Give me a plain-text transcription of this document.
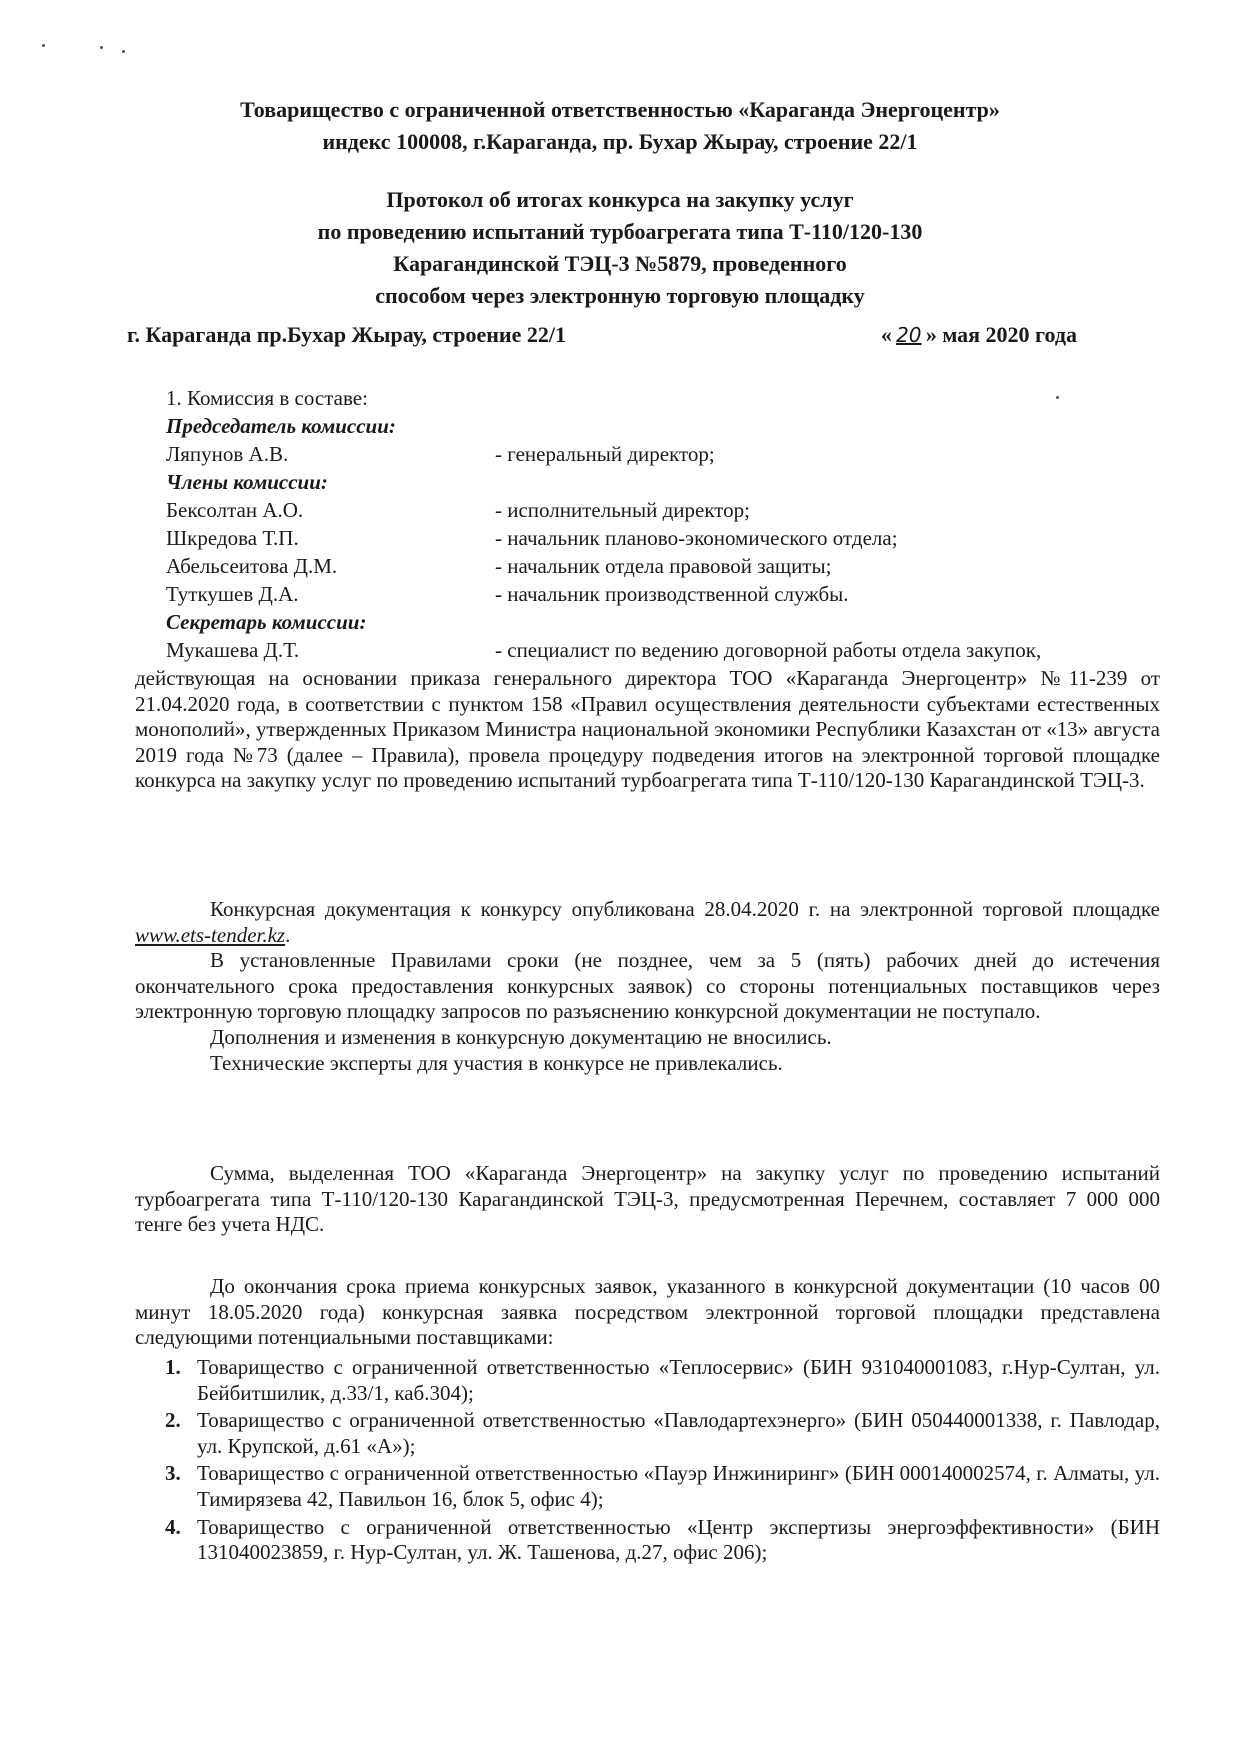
Товарищество с ограниченной ответственностью «Караганда Энергоцентр»
индекс 100008, г.Караганда, пр. Бухар Жырау, строение 22/1
Протокол об итогах конкурса на закупку услуг
по проведению испытаний турбоагрегата типа Т-110/120-130
Карагандинской ТЭЦ-3 №5879, проведенного
способом через электронную торговую площадку
г. Караганда пр.Бухар Жырау, строение 22/1	« 20 » мая 2020 года
1. Комиссия в составе:
Председатель комиссии:
Ляпунов А.В.	- генеральный директор;
Члены комиссии:
Бексолтан А.О.	- исполнительный директор;
Шкредова Т.П.	- начальник планово-экономического отдела;
Абельсеитова Д.М.	- начальник отдела правовой защиты;
Туткушев Д.А.	- начальник производственной службы.
Секретарь комиссии:
Мукашева Д.Т.	- специалист по ведению договорной работы отдела закупок,
действующая на основании приказа генерального директора ТОО «Караганда Энергоцентр» №11-239 от 21.04.2020 года, в соответствии с пунктом 158 «Правил осуществления деятельности субъектами естественных монополий», утвержденных Приказом Министра национальной экономики Республики Казахстан от «13» августа 2019 года №73 (далее – Правила), провела процедуру подведения итогов на электронной торговой площадке конкурса на закупку услуг по проведению испытаний турбоагрегата типа Т-110/120-130 Карагандинской ТЭЦ-3.
Конкурсная документация к конкурсу опубликована 28.04.2020 г. на электронной торговой площадке www.ets-tender.kz.
В установленные Правилами сроки (не позднее, чем за 5 (пять) рабочих дней до истечения окончательного срока предоставления конкурсных заявок) со стороны потенциальных поставщиков через электронную торговую площадку запросов по разъяснению конкурсной документации не поступало.
Дополнения и изменения в конкурсную документацию не вносились.
Технические эксперты для участия в конкурсе не привлекались.
Сумма, выделенная ТОО «Караганда Энергоцентр» на закупку услуг по проведению испытаний турбоагрегата типа Т-110/120-130 Карагандинской ТЭЦ-3, предусмотренная Перечнем, составляет 7 000 000 тенге без учета НДС.
До окончания срока приема конкурсных заявок, указанного в конкурсной документации (10 часов 00 минут 18.05.2020 года) конкурсная заявка посредством электронной торговой площадки представлена следующими потенциальными поставщиками:
1. Товарищество с ограниченной ответственностью «Теплосервис» (БИН 931040001083, г.Нур-Султан, ул. Бейбитшилик, д.33/1, каб.304);
2. Товарищество с ограниченной ответственностью «Павлодартехэнерго» (БИН 050440001338, г. Павлодар, ул. Крупской, д.61 «А»);
3. Товарищество с ограниченной ответственностью «Пауэр Инжиниринг» (БИН 000140002574, г. Алматы, ул. Тимирязева 42, Павильон 16, блок 5, офис 4);
4. Товарищество с ограниченной ответственностью «Центр экспертизы энергоэффективности» (БИН 131040023859, г. Нур-Султан, ул. Ж. Ташенова, д.27, офис 206);
